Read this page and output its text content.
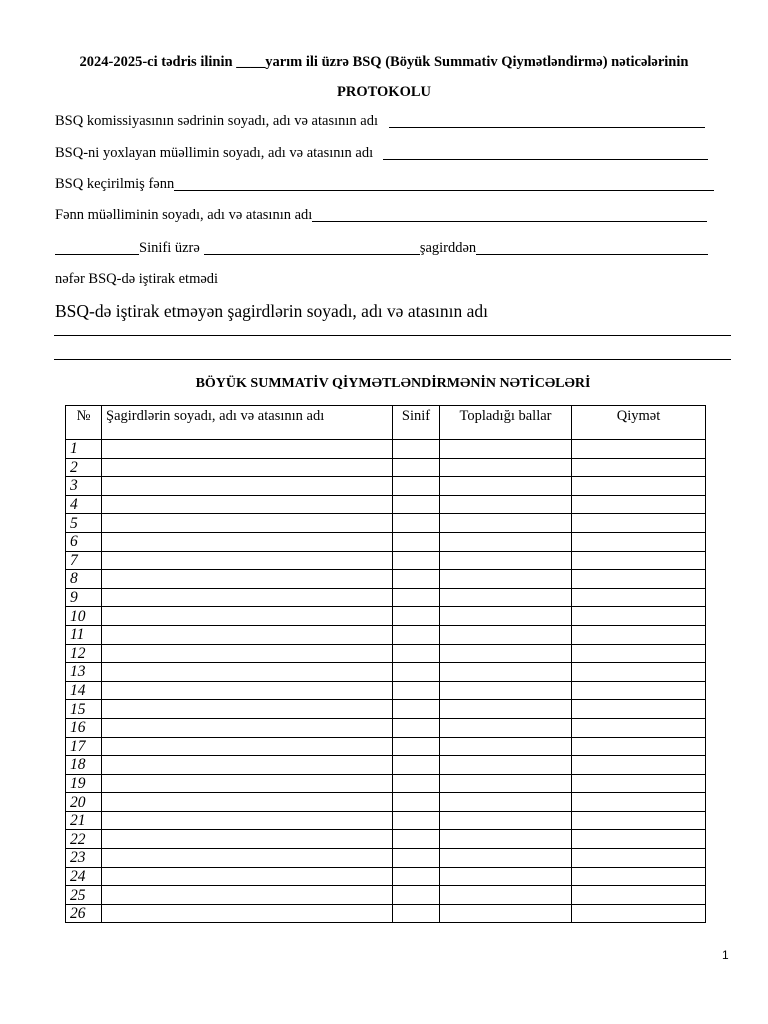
2024-2025-ci tədris ilinin ____yarım ili üzrə BSQ (Böyük Summativ Qiymətləndirmə) nəticələrinin
PROTOKOLU
BSQ komissiyasının sədrinin soyadı, adı və atasının adı
BSQ-ni yoxlayan müəllimin soyadı, adı və atasının adı
BSQ keçirilmiş fənn
Fənn müəlliminin soyadı, adı və atasının adı
Sinifi üzrə	şagirddən
nəfər BSQ-də iştirak etmədi
BSQ-də iştirak etməyən şagirdlərin soyadı, adı və atasının adı
BÖYÜK SUMMATİV QİYMƏTLƏNDİRMƏNİN NƏTİCƏLƏRİ
№	Şagirdlərin soyadı, adı və atasının adı	Sinif	Topladığı ballar	Qiymət
1				
2				
3				
4				
5				
6				
7				
8				
9				
10				
11				
12				
13				
14				
15				
16				
17				
18				
19				
20				
21				
22				
23				
24				
25				
26				
1
